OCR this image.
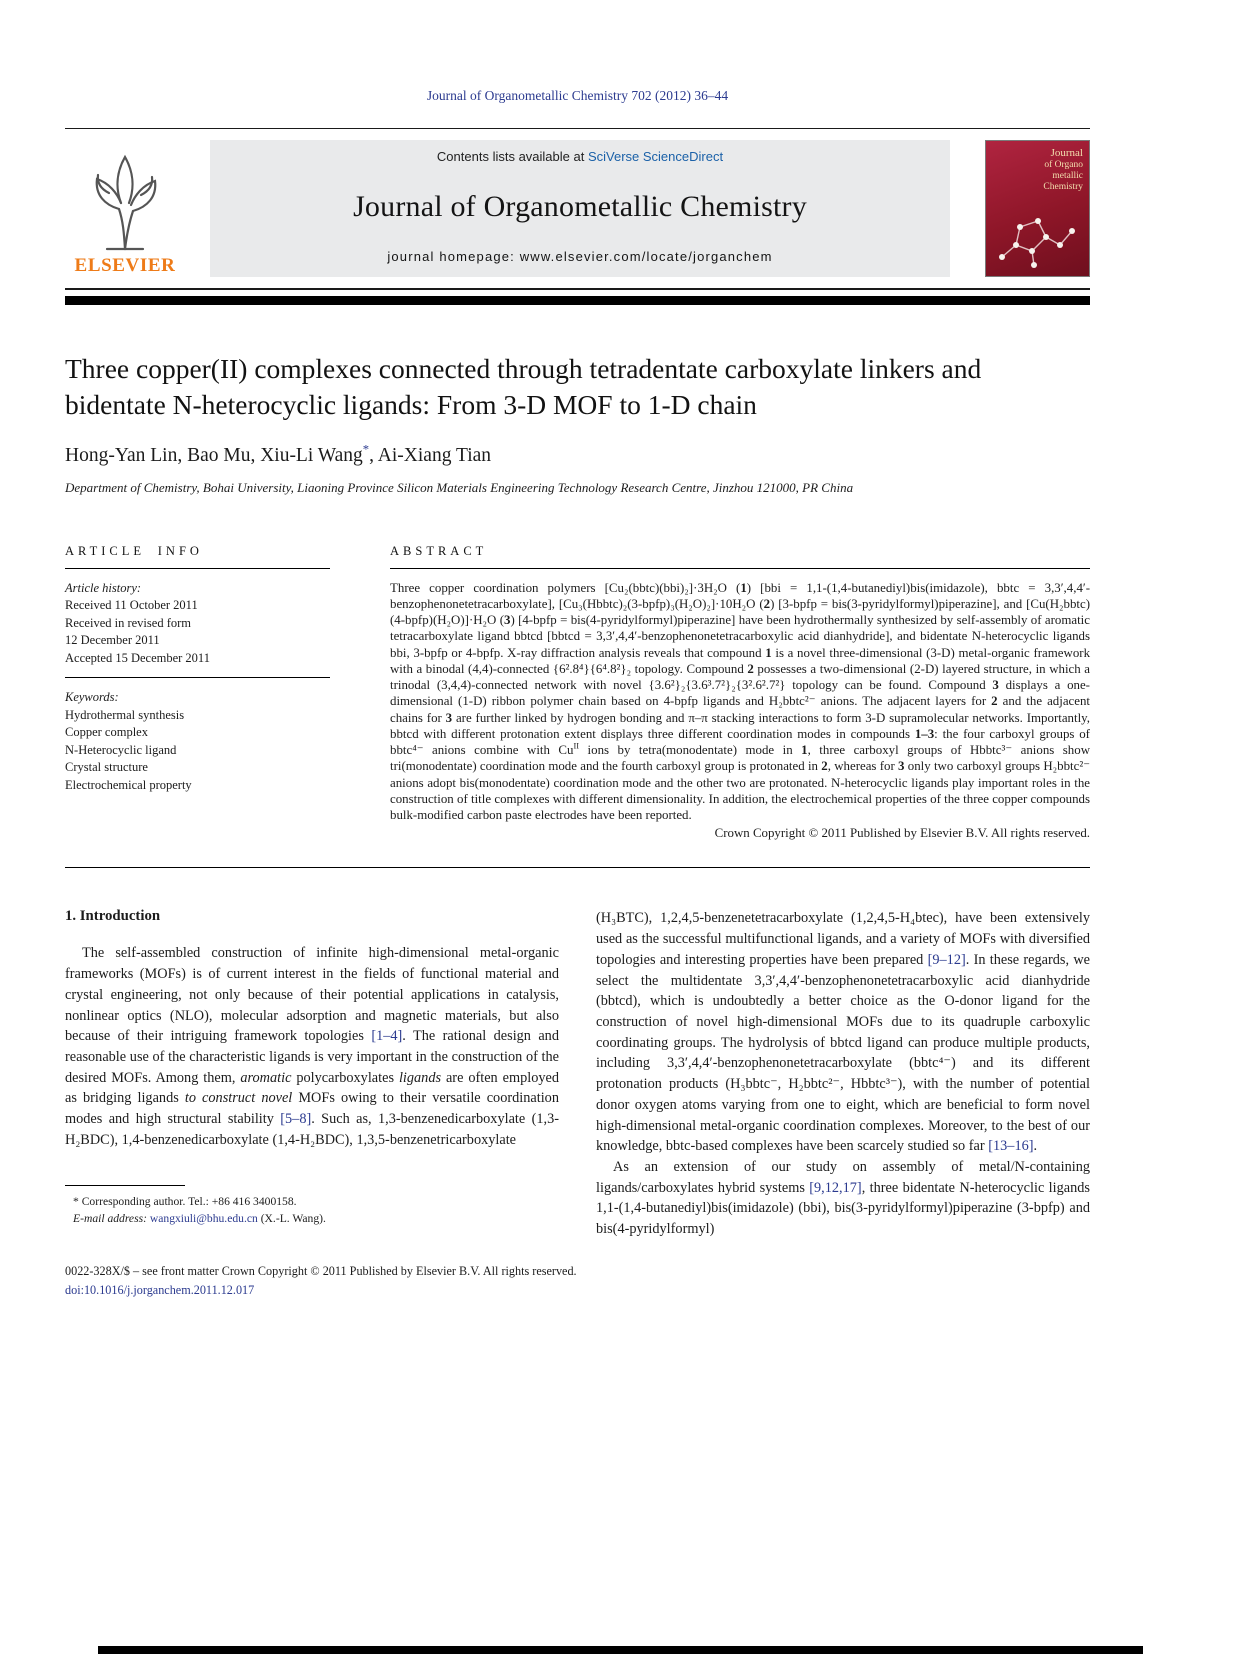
Journal of Organometallic Chemistry 702 (2012) 36–44
ELSEVIER
Contents lists available at SciVerse ScienceDirect
Journal of Organometallic Chemistry
journal homepage: www.elsevier.com/locate/jorganchem
Journal
of Organo
metallic
Chemistry
Three copper(II) complexes connected through tetradentate carboxylate linkers and bidentate N-heterocyclic ligands: From 3-D MOF to 1-D chain
Hong-Yan Lin, Bao Mu, Xiu-Li Wang*, Ai-Xiang Tian
Department of Chemistry, Bohai University, Liaoning Province Silicon Materials Engineering Technology Research Centre, Jinzhou 121000, PR China
ARTICLE INFO
Article history:
Received 11 October 2011
Received in revised form
12 December 2011
Accepted 15 December 2011
Keywords:
Hydrothermal synthesis
Copper complex
N-Heterocyclic ligand
Crystal structure
Electrochemical property
ABSTRACT

Three copper coordination polymers [Cu₂(bbtc)(bbi)₂]·3H₂O (1) [bbi = 1,1-(1,4-butanediyl)bis(imidazole), bbtc = 3,3′,4,4′-benzophenonetetracarboxylate], [Cu₃(Hbbtc)₂(3-bpfp)₃(H₂O)₂]·10H₂O (2) [3-bpfp = bis(3-pyridylformyl)piperazine], and [Cu(H₂bbtc)(4-bpfp)(H₂O)]·H₂O (3) [4-bpfp = bis(4-pyridylformyl)piperazine] have been hydrothermally synthesized by self-assembly of aromatic tetracarboxylate ligand bbtcd [bbtcd = 3,3′,4,4′-benzophenonetetracarboxylic acid dianhydride], and bidentate N-heterocyclic ligands bbi, 3-bpfp or 4-bpfp. X-ray diffraction analysis reveals that compound 1 is a novel three-dimensional (3-D) metal-organic framework with a binodal (4,4)-connected {6².8⁴}{6⁴.8²}₂ topology. Compound 2 possesses a two-dimensional (2-D) layered structure, in which a trinodal (3,4,4)-connected network with novel {3.6²}₂{3.6³.7²}₂{3².6².7²} topology can be found. Compound 3 displays a one-dimensional (1-D) ribbon polymer chain based on 4-bpfp ligands and H₂bbtc²⁻ anions. The adjacent layers for 2 and the adjacent chains for 3 are further linked by hydrogen bonding and π–π stacking interactions to form 3-D supramolecular networks. Importantly, bbtcd with different protonation extent displays three different coordination modes in compounds 1–3: the four carboxyl groups of bbtc⁴⁻ anions combine with $Cu^{II}$ ions by tetra(monodentate) mode in 1, three carboxyl groups of Hbbtc³⁻ anions show tri(monodentate) coordination mode and the fourth carboxyl group is protonated in 2, whereas for 3 only two carboxyl groups H₂bbtc²⁻ anions adopt bis(monodentate) coordination mode and the other two are protonated. N-heterocyclic ligands play important roles in the construction of title complexes with different dimensionality. In addition, the electrochemical properties of the three copper compounds bulk-modified carbon paste electrodes have been reported.

Crown Copyright © 2011 Published by Elsevier B.V. All rights reserved.
1. Introduction

The self-assembled construction of infinite high-dimensional metal-organic frameworks (MOFs) is of current interest in the fields of functional material and crystal engineering, not only because of their potential applications in catalysis, nonlinear optics (NLO), molecular adsorption and magnetic materials, but also because of their intriguing framework topologies [1–4]. The rational design and reasonable use of the characteristic ligands is very important in the construction of the desired MOFs. Among them, aromatic polycarboxylates ligands are often employed as bridging ligands to construct novel MOFs owing to their versatile coordination modes and high structural stability [5–8]. Such as, 1,3-benzenedicarboxylate (1,3-H₂BDC), 1,4-benzenedicarboxylate (1,4-H₂BDC), 1,3,5-benzenetricarboxylate

* Corresponding author. Tel.: +86 416 3400158.
E-mail address: wangxiuli@bhu.edu.cn (X.-L. Wang).

(H₃BTC), 1,2,4,5-benzenetetracarboxylate (1,2,4,5-H₄btec), have been extensively used as the successful multifunctional ligands, and a variety of MOFs with diversified topologies and interesting properties have been prepared [9–12]. In these regards, we select the multidentate 3,3′,4,4′-benzophenonetetracarboxylic acid dianhydride (bbtcd), which is undoubtedly a better choice as the O-donor ligand for the construction of novel high-dimensional MOFs due to its quadruple carboxylic coordinating groups. The hydrolysis of bbtcd ligand can produce multiple products, including 3,3′,4,4′-benzophenonetetracarboxylate (bbtc⁴⁻) and its different protonation products (H₃bbtc⁻, H₂bbtc²⁻, Hbbtc³⁻), with the number of potential donor oxygen atoms varying from one to eight, which are beneficial to form novel high-dimensional metal-organic coordination complexes. Moreover, to the best of our knowledge, bbtc-based complexes have been scarcely studied so far [13–16].

As an extension of our study on assembly of metal/N-containing ligands/carboxylates hybrid systems [9,12,17], three bidentate N-heterocyclic ligands 1,1-(1,4-butanediyl)bis(imidazole) (bbi), bis(3-pyridylformyl)piperazine (3-bpfp) and bis(4-pyridylformyl)

0022-328X/$ – see front matter Crown Copyright © 2011 Published by Elsevier B.V. All rights reserved.
doi:10.1016/j.jorganchem.2011.12.017
